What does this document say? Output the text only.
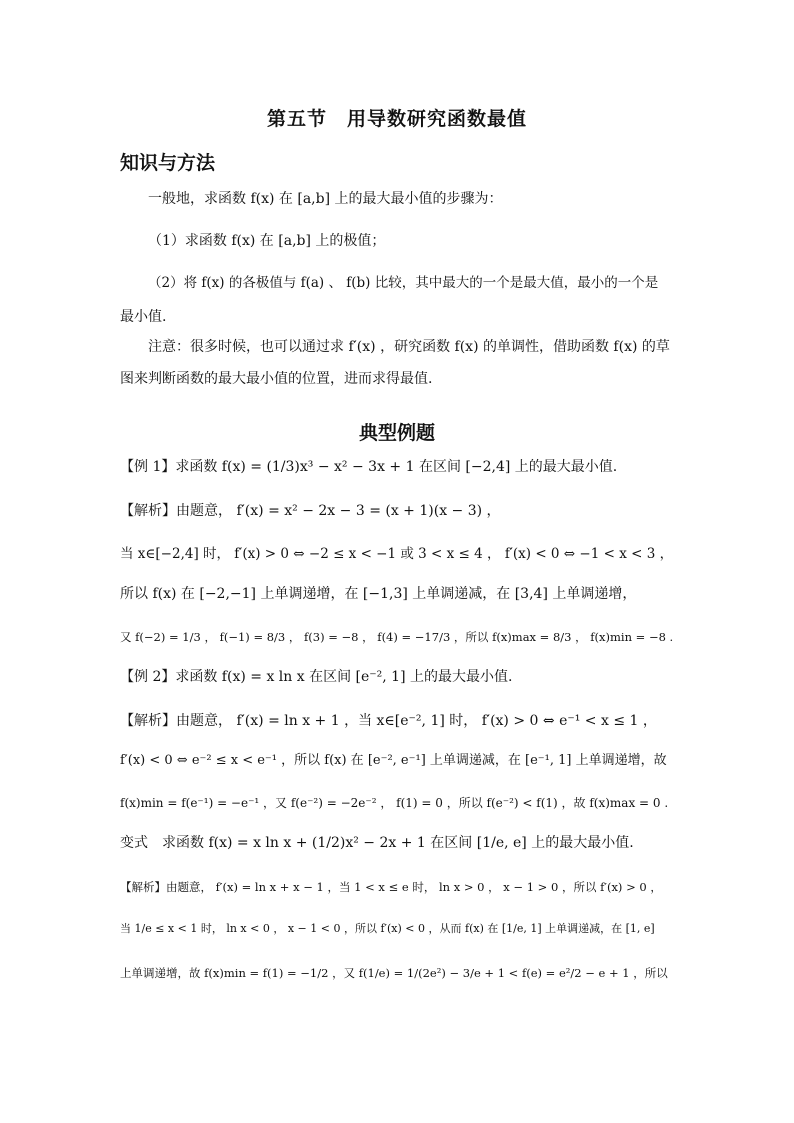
第五节　用导数研究函数最值
知识与方法
一般地，求函数 f(x) 在 [a,b] 上的最大最小值的步骤为：
（1）求函数 f(x) 在 [a,b] 上的极值；
（2）将 f(x) 的各极值与 f(a) 、 f(b) 比较，其中最大的一个是最大值，最小的一个是
最小值.
注意：很多时候，也可以通过求 f′(x) ，研究函数 f(x) 的单调性，借助函数 f(x) 的草
图来判断函数的最大最小值的位置，进而求得最值.
典型例题
【例 1】求函数 f(x) = (1/3)x³ − x² − 3x + 1 在区间 [−2,4] 上的最大最小值.
【解析】由题意， f′(x) = x² − 2x − 3 = (x + 1)(x − 3) ，
当 x∈[−2,4] 时， f′(x) > 0 ⇔ −2 ≤ x < −1 或 3 < x ≤ 4 ， f′(x) < 0 ⇔ −1 < x < 3 ，
所以 f(x) 在 [−2,−1] 上单调递增，在 [−1,3] 上单调递减，在 [3,4] 上单调递增，
又 f(−2) = 1/3 ， f(−1) = 8/3 ， f(3) = −8 ， f(4) = −17/3 ，所以 f(x)max = 8/3 ， f(x)min = −8 .
【例 2】求函数 f(x) = x ln x 在区间 [e⁻², 1] 上的最大最小值.
【解析】由题意， f′(x) = ln x + 1 ，当 x∈[e⁻², 1] 时， f′(x) > 0 ⇔ e⁻¹ < x ≤ 1 ，
f′(x) < 0 ⇔ e⁻² ≤ x < e⁻¹ ，所以 f(x) 在 [e⁻², e⁻¹] 上单调递减，在 [e⁻¹, 1] 上单调递增，故
f(x)min = f(e⁻¹) = −e⁻¹ ，又 f(e⁻²) = −2e⁻² ， f(1) = 0 ，所以 f(e⁻²) < f(1) ，故 f(x)max = 0 .
变式　求函数 f(x) = x ln x + (1/2)x² − 2x + 1 在区间 [1/e, e] 上的最大最小值.
【解析】由题意， f′(x) = ln x + x − 1 ，当 1 < x ≤ e 时， ln x > 0 ， x − 1 > 0 ，所以 f′(x) > 0 ，
当 1/e ≤ x < 1 时， ln x < 0 ， x − 1 < 0 ，所以 f′(x) < 0 ，从而 f(x) 在 [1/e, 1] 上单调递减，在 [1, e]
上单调递增，故 f(x)min = f(1) = −1/2 ，又 f(1/e) = 1/(2e²) − 3/e + 1 < f(e) = e²/2 − e + 1 ，所以
